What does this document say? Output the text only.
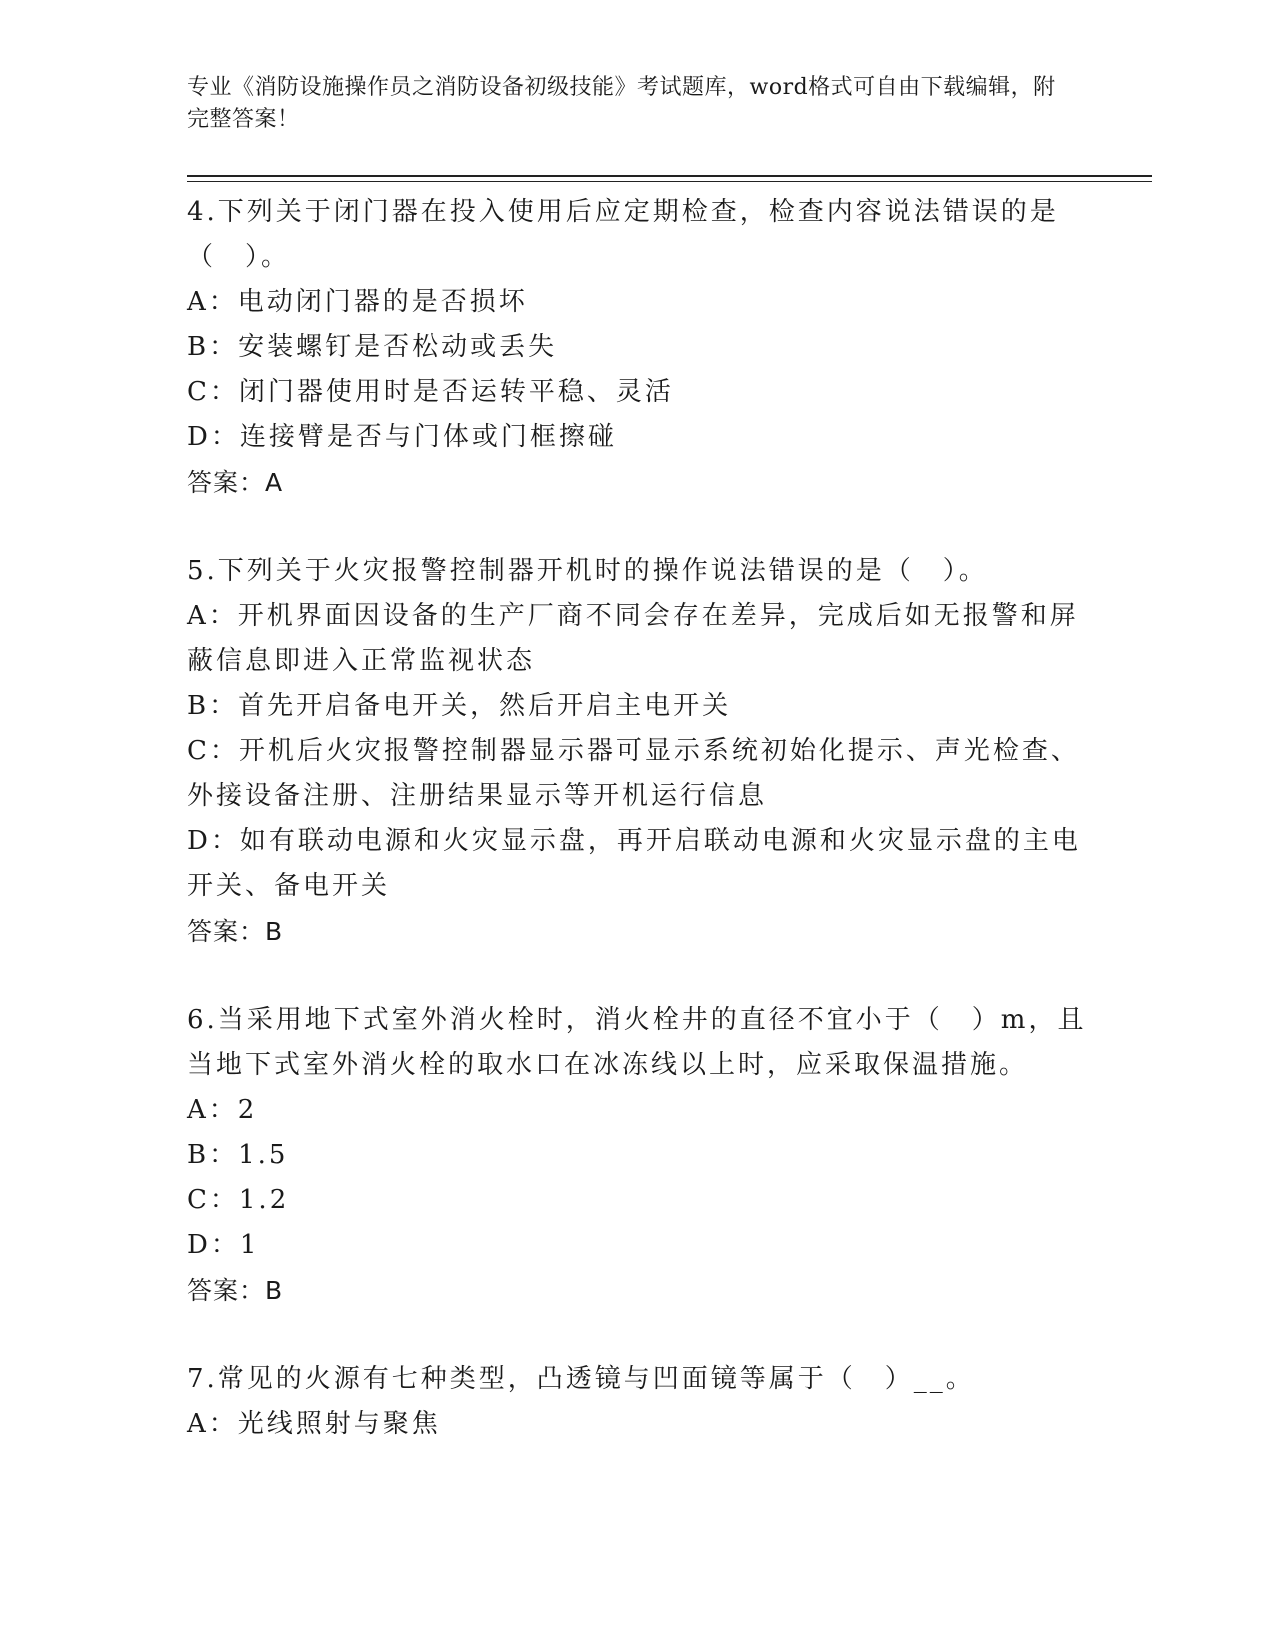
专业《消防设施操作员之消防设备初级技能》考试题库，word格式可自由下载编辑，附完整答案！

4.下列关于闭门器在投入使用后应定期检查，检查内容说法错误的是（　）。

A：电动闭门器的是否损坏

B：安装螺钉是否松动或丢失

C：闭门器使用时是否运转平稳、灵活

D：连接臂是否与门体或门框擦碰

答案：A

5.下列关于火灾报警控制器开机时的操作说法错误的是（　）。

A：开机界面因设备的生产厂商不同会存在差异，完成后如无报警和屏蔽信息即进入正常监视状态

B：首先开启备电开关，然后开启主电开关

C：开机后火灾报警控制器显示器可显示系统初始化提示、声光检查、外接设备注册、注册结果显示等开机运行信息

D：如有联动电源和火灾显示盘，再开启联动电源和火灾显示盘的主电开关、备电开关

答案：B

6.当采用地下式室外消火栓时，消火栓井的直径不宜小于（　）m，且当地下式室外消火栓的取水口在冰冻线以上时，应采取保温措施。

A：2

B：1.5

C：1.2

D：1

答案：B

7.常见的火源有七种类型，凸透镜与凹面镜等属于（　）__。

A：光线照射与聚焦
